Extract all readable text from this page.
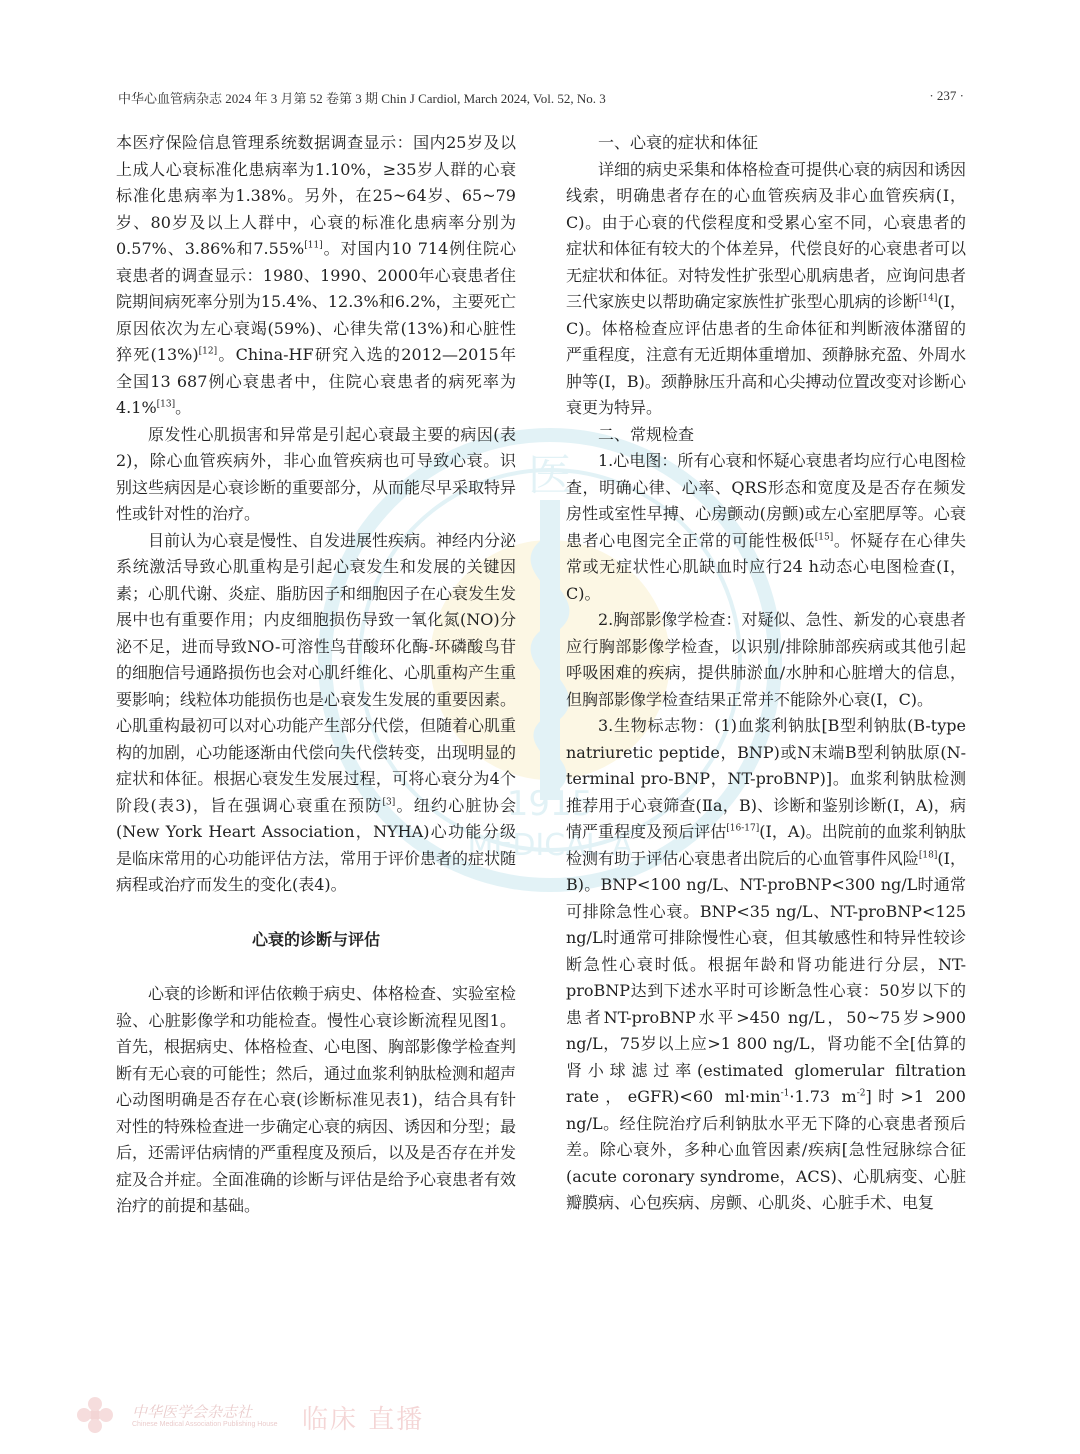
中华心血管病杂志 2024 年 3 月第 52 卷第 3 期 Chin J Cardiol, March 2024, Vol. 52, No. 3	· 237 ·
医
1915
MEDICAL A

本医疗保险信息管理系统数据调查显示：国内25岁及以上成人心衰标准化患病率为1.10%，≥35岁人群的心衰标准化患病率为1.38%。另外，在25~64岁、65~79岁、80岁及以上人群中，心衰的标准化患病率分别为0.57%、3.86%和7.55%[11]。对国内10 714例住院心衰患者的调查显示：1980、1990、2000年心衰患者住院期间病死率分别为15.4%、12.3%和6.2%，主要死亡原因依次为左心衰竭(59%)、心律失常(13%)和心脏性猝死(13%)[12]。China-HF研究入选的2012—2015年全国13 687例心衰患者中，住院心衰患者的病死率为4.1%[13]。

原发性心肌损害和异常是引起心衰最主要的病因(表2)，除心血管疾病外，非心血管疾病也可导致心衰。识别这些病因是心衰诊断的重要部分，从而能尽早采取特异性或针对性的治疗。

目前认为心衰是慢性、自发进展性疾病。神经内分泌系统激活导致心肌重构是引起心衰发生和发展的关键因素；心肌代谢、炎症、脂肪因子和细胞因子在心衰发生发展中也有重要作用；内皮细胞损伤导致一氧化氮(NO)分泌不足，进而导致NO-可溶性鸟苷酸环化酶-环磷酸鸟苷的细胞信号通路损伤也会对心肌纤维化、心肌重构产生重要影响；线粒体功能损伤也是心衰发生发展的重要因素。心肌重构最初可以对心功能产生部分代偿，但随着心肌重构的加剧，心功能逐渐由代偿向失代偿转变，出现明显的症状和体征。根据心衰发生发展过程，可将心衰分为4个阶段(表3)，旨在强调心衰重在预防[3]。纽约心脏协会(New York Heart Association，NYHA)心功能分级是临床常用的心功能评估方法，常用于评价患者的症状随病程或治疗而发生的变化(表4)。

心衰的诊断与评估

心衰的诊断和评估依赖于病史、体格检查、实验室检验、心脏影像学和功能检查。慢性心衰诊断流程见图1。首先，根据病史、体格检查、心电图、胸部影像学检查判断有无心衰的可能性；然后，通过血浆利钠肽检测和超声心动图明确是否存在心衰(诊断标准见表1)，结合具有针对性的特殊检查进一步确定心衰的病因、诱因和分型；最后，还需评估病情的严重程度及预后，以及是否存在并发症及合并症。全面准确的诊断与评估是给予心衰患者有效治疗的前提和基础。

一、心衰的症状和体征

详细的病史采集和体格检查可提供心衰的病因和诱因线索，明确患者存在的心血管疾病及非心血管疾病(Ⅰ，C)。由于心衰的代偿程度和受累心室不同，心衰患者的症状和体征有较大的个体差异，代偿良好的心衰患者可以无症状和体征。对特发性扩张型心肌病患者，应询问患者三代家族史以帮助确定家族性扩张型心肌病的诊断[14](Ⅰ，C)。体格检查应评估患者的生命体征和判断液体潴留的严重程度，注意有无近期体重增加、颈静脉充盈、外周水肿等(Ⅰ，B)。颈静脉压升高和心尖搏动位置改变对诊断心衰更为特异。

二、常规检查

1.心电图：所有心衰和怀疑心衰患者均应行心电图检查，明确心律、心率、QRS形态和宽度及是否存在频发房性或室性早搏、心房颤动(房颤)或左心室肥厚等。心衰患者心电图完全正常的可能性极低[15]。怀疑存在心律失常或无症状性心肌缺血时应行24 h动态心电图检查(Ⅰ，C)。

2.胸部影像学检查：对疑似、急性、新发的心衰患者应行胸部影像学检查，以识别/排除肺部疾病或其他引起呼吸困难的疾病，提供肺淤血/水肿和心脏增大的信息，但胸部影像学检查结果正常并不能除外心衰(Ⅰ，C)。

3.生物标志物：(1)血浆利钠肽[B型利钠肽(B-type natriuretic peptide，BNP)或N末端B型利钠肽原(N-terminal pro-BNP，NT-proBNP)]。血浆利钠肽检测推荐用于心衰筛查(Ⅱa，B)、诊断和鉴别诊断(Ⅰ，A)，病情严重程度及预后评估[16-17](Ⅰ，A)。出院前的血浆利钠肽检测有助于评估心衰患者出院后的心血管事件风险[18](Ⅰ，B)。BNP<100 ng/L、NT-proBNP<300 ng/L时通常可排除急性心衰。BNP<35 ng/L、NT-proBNP<125 ng/L时通常可排除慢性心衰，但其敏感性和特异性较诊断急性心衰时低。根据年龄和肾功能进行分层，NT-proBNP达到下述水平时可诊断急性心衰：50岁以下的患者NT-proBNP水平>450 ng/L，50~75岁>900 ng/L，75岁以上应>1 800 ng/L，肾功能不全[估算的肾小球滤过率(estimated glomerular filtration rate，eGFR)<60 $ml\cdot\min^{-1}\cdot 1.73$ $m^{-2}$]时>1 200 ng/L。经住院治疗后利钠肽水平无下降的心衰患者预后差。除心衰外，多种心血管因素/疾病[急性冠脉综合征(acute coronary syndrome，ACS)、心肌病变、心脏瓣膜病、心包疾病、房颤、心肌炎、心脏手术、电复

中华医学会杂志社
Chinese Medical Association Publishing House 临床 直播
